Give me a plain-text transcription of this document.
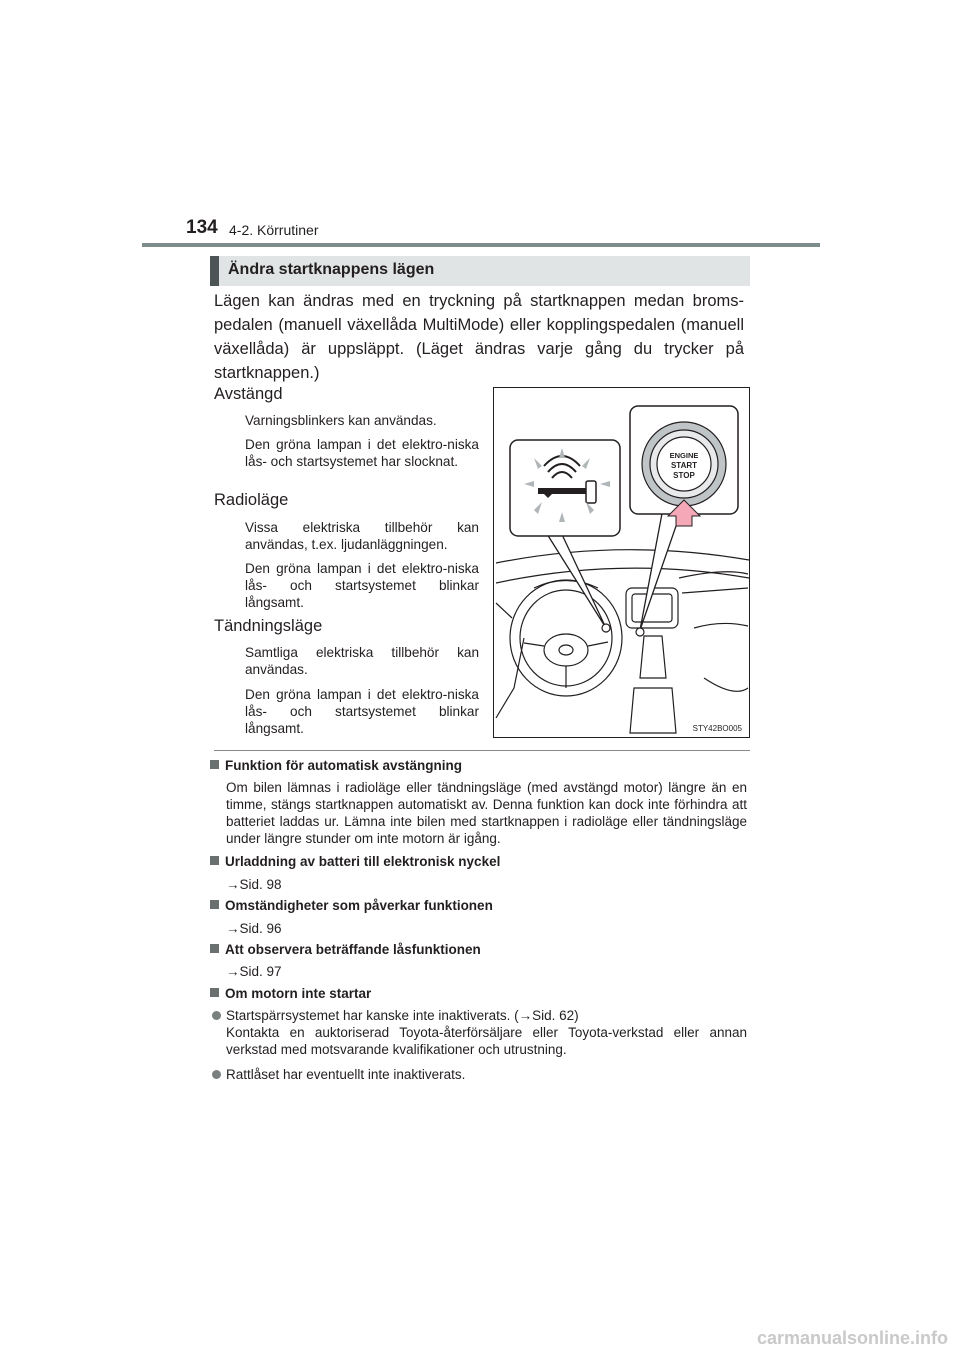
134 4-2. Körrutiner
Ändra startknappens lägen
Lägen kan ändras med en tryckning på startknappen medan broms-pedalen (manuell växellåda MultiMode) eller kopplingspedalen (manuell växellåda) är uppsläppt. (Läget ändras varje gång du trycker på startknappen.)
Avstängd
Varningsblinkers kan användas.
Den gröna lampan i det elektro-niska lås- och startsystemet har slocknat.
Radioläge
Vissa elektriska tillbehör kan användas, t.ex. ljudanläggningen.
Den gröna lampan i det elektro-niska lås- och startsystemet blinkar långsamt.
Tändningsläge
Samtliga elektriska tillbehör kan användas.
Den gröna lampan i det elektro-niska lås- och startsystemet blinkar långsamt.
ENGINE
START
STOP
STY42BO005
Funktion för automatisk avstängning
Om bilen lämnas i radioläge eller tändningsläge (med avstängd motor) längre än en timme, stängs startknappen automatiskt av. Denna funktion kan dock inte förhindra att batteriet laddas ur. Lämna inte bilen med startknappen i radioläge eller tändningsläge under längre stunder om inte motorn är igång.
Urladdning av batteri till elektronisk nyckel
→Sid. 98
Omständigheter som påverkar funktionen
→Sid. 96
Att observera beträffande låsfunktionen
→Sid. 97
Om motorn inte startar
Startspärrsystemet har kanske inte inaktiverats. (→Sid. 62)
Kontakta en auktoriserad Toyota-återförsäljare eller Toyota-verkstad eller annan verkstad med motsvarande kvalifikationer och utrustning.
Rattlåset har eventuellt inte inaktiverats.
carmanualsonline.info
